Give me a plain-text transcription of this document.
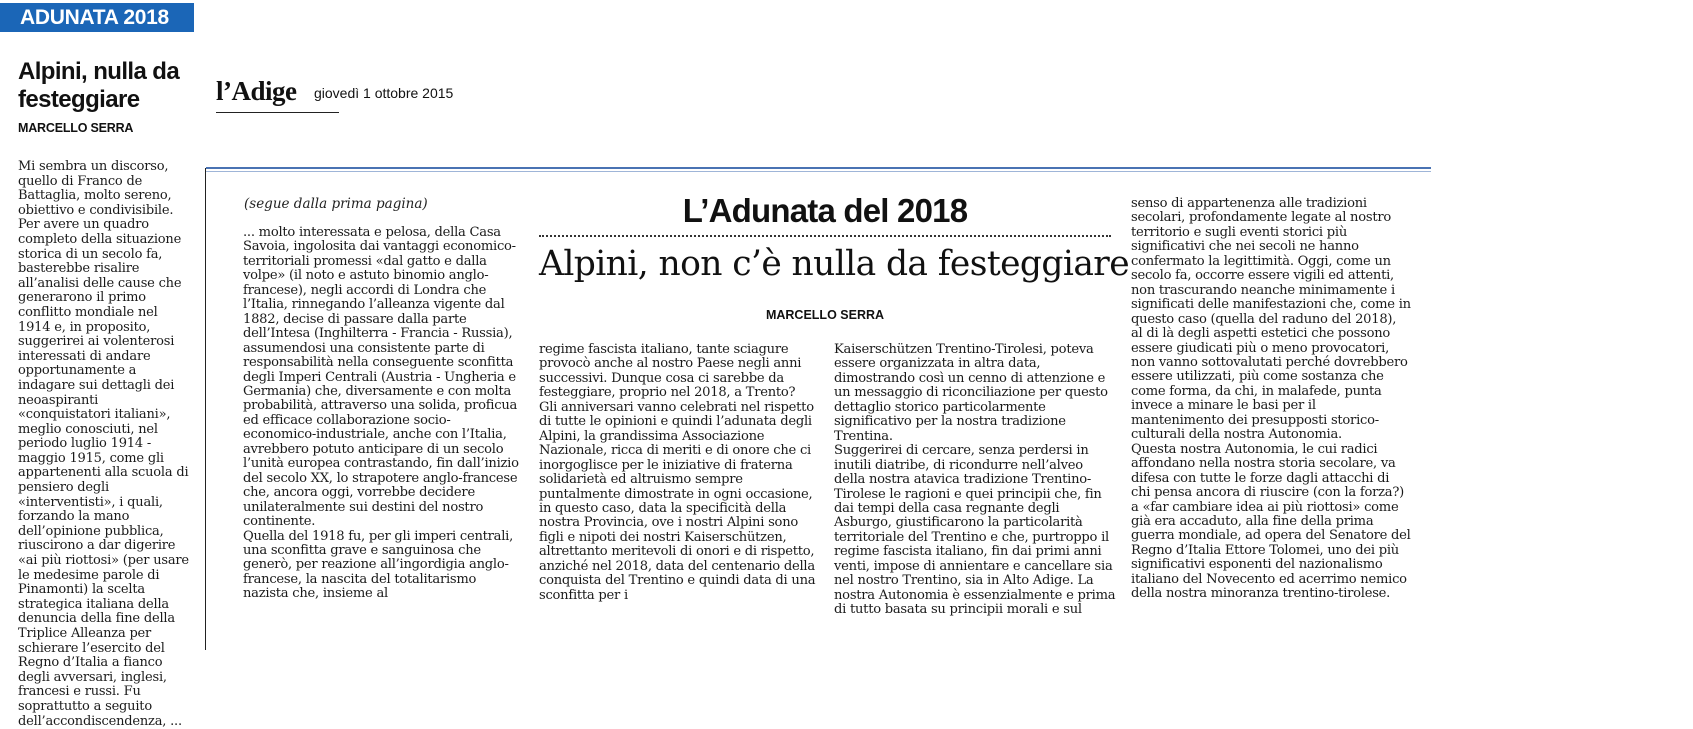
ADUNATA 2018
Alpini, nulla da festeggiare
MARCELLO SERRA
Mi sembra un discorso, quello di Franco de Battaglia, molto sereno, obiettivo e condivisibile. Per avere un quadro completo della situazione storica di un secolo fa, basterebbe risalire all’analisi delle cause che generarono il primo conflitto mondiale nel 1914 e, in proposito, suggerirei ai volenterosi interessati di andare opportunamente a indagare sui dettagli dei neoaspiranti «conquistatori italiani», meglio conosciuti, nel periodo luglio 1914 - maggio 1915, come gli appartenenti alla scuola di pensiero degli «interventisti», i quali, forzando la mano dell’opinione pubblica, riuscirono a dar digerire «ai più riottosi» (per usare le medesime parole di Pinamonti) la scelta strategica italiana della denuncia della fine della Triplice Alleanza per schierare l’esercito del Regno d’Italia a fianco degli avversari, inglesi, francesi e russi. Fu soprattutto a seguito dell’accondiscendenza, ...
l’Adige giovedì 1 ottobre 2015
(segue dalla prima pagina)	L’Adunata del 2018
Alpini, non c’è nulla da festeggiare
MARCELLO SERRA
... molto interessata e pelosa, della Casa Savoia, ingolosita dai vantaggi economico-territoriali promessi «dal gatto e dalla volpe» (il noto e astuto binomio anglo-francese), negli accordi di Londra che l’Italia, rinnegando l’alleanza vigente dal 1882, decise di passare dalla parte dell’Intesa (Inghilterra - Francia - Russia), assumendosi una consistente parte di responsabilità nella conseguente sconfitta degli Imperi Centrali (Austria - Ungheria e Germania) che, diversamente e con molta probabilità, attraverso una solida, proficua ed efficace collaborazione socio-economico-industriale, anche con l’Italia, avrebbero potuto anticipare di un secolo l’unità europea contrastando, fin dall’inizio del secolo XX, lo strapotere anglo-francese che, ancora oggi, vorrebbe decidere unilateralmente sui destini del nostro continente.
Quella del 1918 fu, per gli imperi centrali, una sconfitta grave e sanguinosa che generò, per reazione all’ingordigia anglo-francese, la nascita del totalitarismo nazista che, insieme al
regime fascista italiano, tante sciagure provocò anche al nostro Paese negli anni successivi. Dunque cosa ci sarebbe da festeggiare, proprio nel 2018, a Trento?
Gli anniversari vanno celebrati nel rispetto di tutte le opinioni e quindi l’adunata degli Alpini, la grandissima Associazione Nazionale, ricca di meriti e di onore che ci inorgoglisce per le iniziative di fraterna solidarietà ed altruismo sempre puntalmente dimostrate in ogni occasione, in questo caso, data la specificità della nostra Provincia, ove i nostri Alpini sono figli e nipoti dei nostri Kaiserschützen, altrettanto meritevoli di onori e di rispetto, anziché nel 2018, data del centenario della conquista del Trentino e quindi data di una sconfitta per i
Kaiserschützen Trentino-Tirolesi, poteva essere organizzata in altra data, dimostrando così un cenno di attenzione e un messaggio di riconciliazione per questo dettaglio storico particolarmente significativo per la nostra tradizione Trentina.
Suggerirei di cercare, senza perdersi in inutili diatribe, di ricondurre nell’alveo della nostra atavica tradizione Trentino-Tirolese le ragioni e quei principii che, fin dai tempi della casa regnante degli Asburgo, giustificarono la particolarità territoriale del Trentino e che, purtroppo il regime fascista italiano, fin dai primi anni venti, impose di annientare e cancellare sia nel nostro Trentino, sia in Alto Adige. La nostra Autonomia è essenzialmente e prima di tutto basata su principii morali e sul
senso di appartenenza alle tradizioni secolari, profondamente legate al nostro territorio e sugli eventi storici più significativi che nei secoli ne hanno confermato la legittimità. Oggi, come un secolo fa, occorre essere vigili ed attenti, non trascurando neanche minimamente i significati delle manifestazioni che, come in questo caso (quella del raduno del 2018), al di là degli aspetti estetici che possono essere giudicati più o meno provocatori, non vanno sottovalutati perché dovrebbero essere utilizzati, più come sostanza che come forma, da chi, in malafede, punta invece a minare le basi per il mantenimento dei presupposti storico-culturali della nostra Autonomia.
Questa nostra Autonomia, le cui radici affondano nella nostra storia secolare, va difesa con tutte le forze dagli attacchi di chi pensa ancora di riuscire (con la forza?) a «far cambiare idea ai più riottosi» come già era accaduto, alla fine della prima guerra mondiale, ad opera del Senatore del Regno d’Italia Ettore Tolomei, uno dei più significativi esponenti del nazionalismo italiano del Novecento ed acerrimo nemico della nostra minoranza trentino-tirolese.
